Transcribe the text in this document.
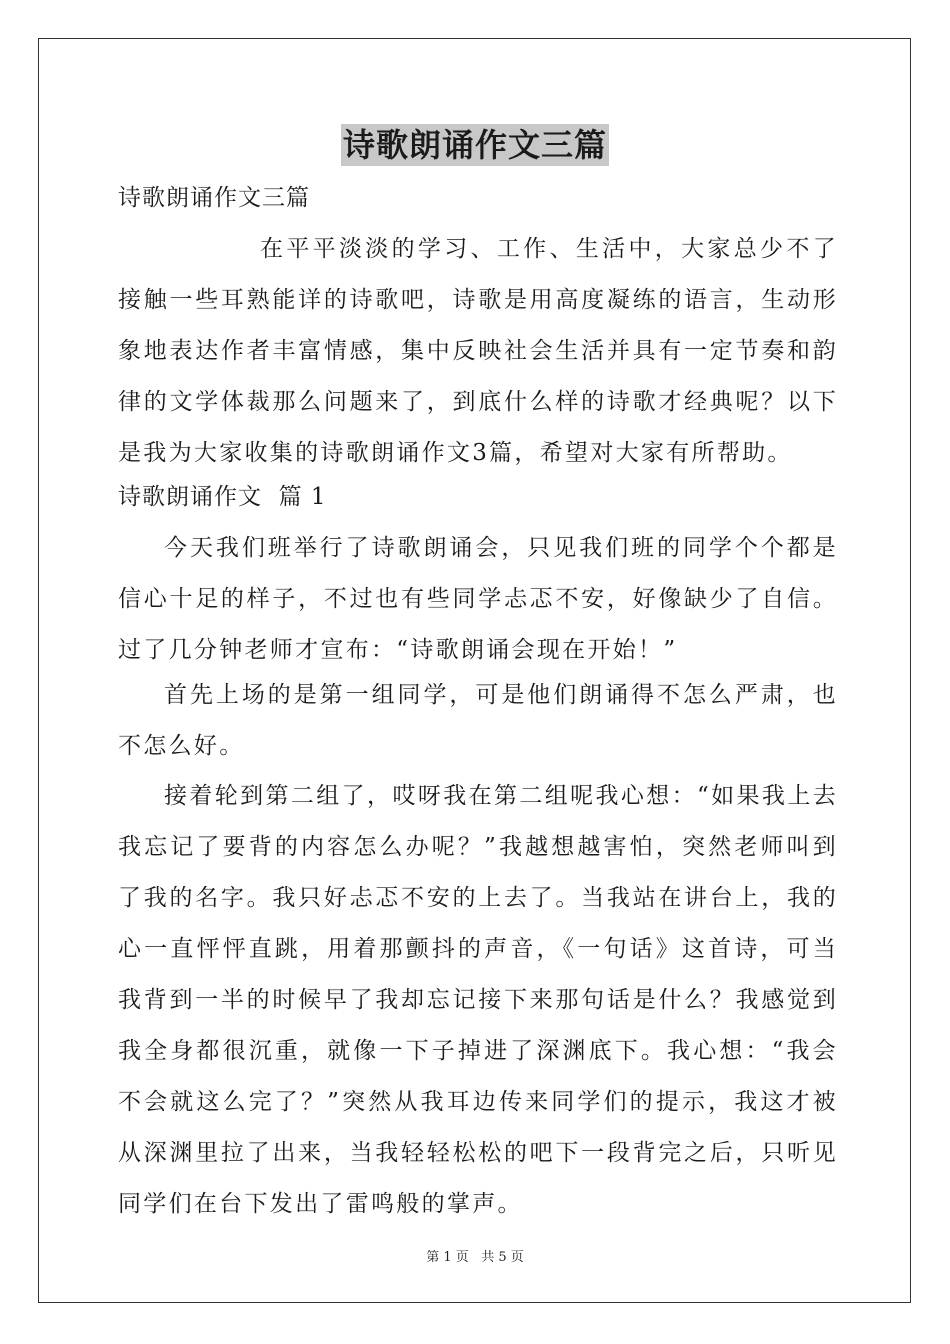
诗歌朗诵作文三篇

诗歌朗诵作文三篇

在平平淡淡的学习、工作、生活中，大家总少不了接触一些耳熟能详的诗歌吧，诗歌是用高度凝练的语言，生动形象地表达作者丰富情感，集中反映社会生活并具有一定节奏和韵律的文学体裁那么问题来了，到底什么样的诗歌才经典呢？以下是我为大家收集的诗歌朗诵作文3篇，希望对大家有所帮助。

诗歌朗诵作文  篇 1

今天我们班举行了诗歌朗诵会，只见我们班的同学个个都是信心十足的样子，不过也有些同学忐忑不安，好像缺少了自信。过了几分钟老师才宣布：“诗歌朗诵会现在开始！”

首先上场的是第一组同学，可是他们朗诵得不怎么严肃，也不怎么好。

接着轮到第二组了，哎呀我在第二组呢我心想：“如果我上去我忘记了要背的内容怎么办呢？”我越想越害怕，突然老师叫到了我的名字。我只好忐忑不安的上去了。当我站在讲台上，我的心一直怦怦直跳，用着那颤抖的声音，《一句话》这首诗，可当我背到一半的时候早了我却忘记接下来那句话是什么？我感觉到我全身都很沉重，就像一下子掉进了深渊底下。我心想：“我会不会就这么完了？”突然从我耳边传来同学们的提示，我这才被从深渊里拉了出来，当我轻轻松松的吧下一段背完之后，只听见同学们在台下发出了雷鸣般的掌声。

第 1 页   共 5 页
